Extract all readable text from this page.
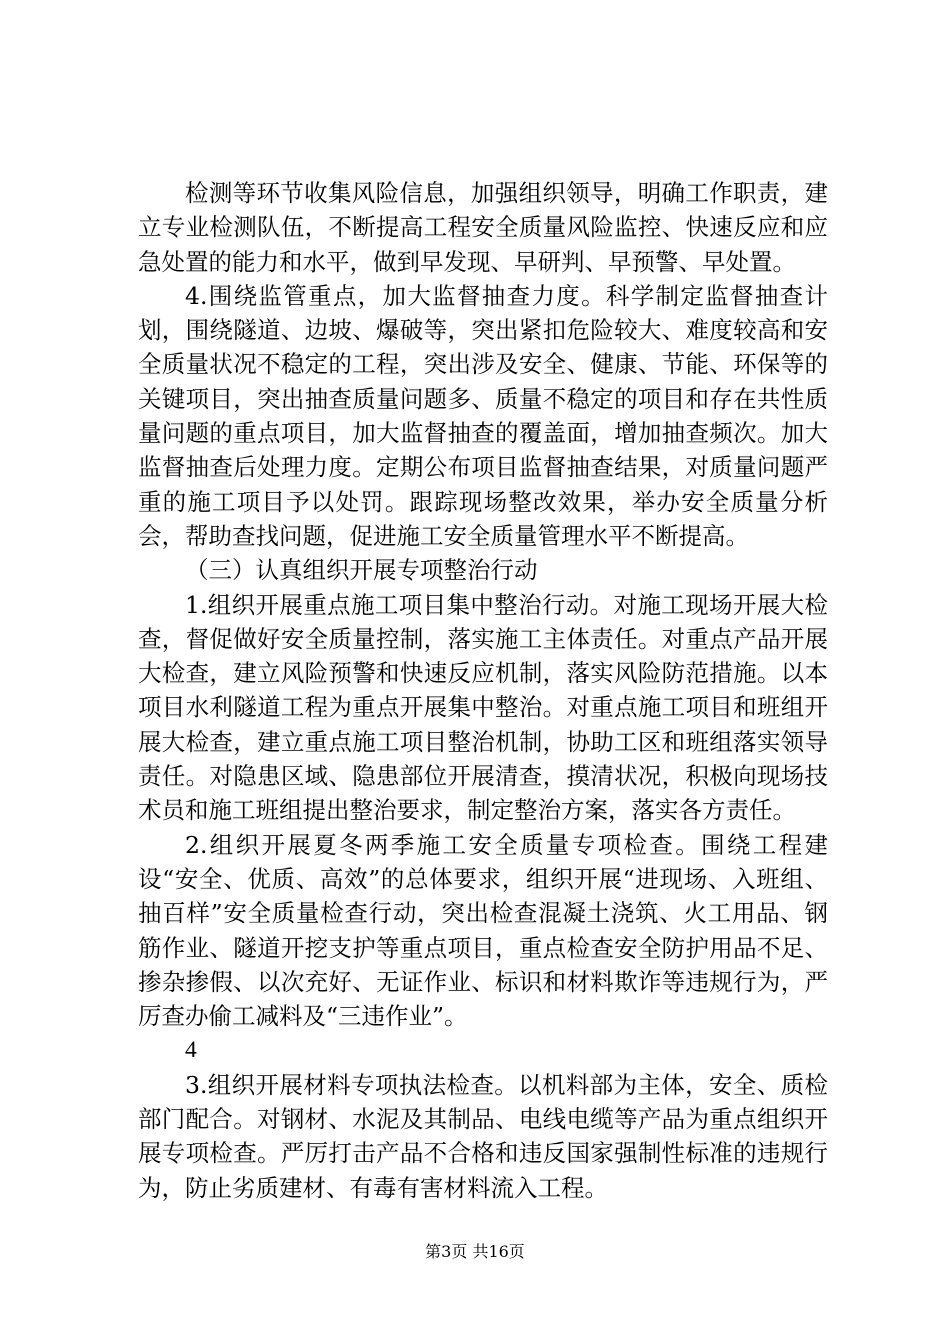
检测等环节收集风险信息，加强组织领导，明确工作职责，建立专业检测队伍，不断提高工程安全质量风险监控、快速反应和应急处置的能力和水平，做到早发现、早研判、早预警、早处置。

4.围绕监管重点，加大监督抽查力度。科学制定监督抽查计划，围绕隧道、边坡、爆破等，突出紧扣危险较大、难度较高和安全质量状况不稳定的工程，突出涉及安全、健康、节能、环保等的关键项目，突出抽查质量问题多、质量不稳定的项目和存在共性质量问题的重点项目，加大监督抽查的覆盖面，增加抽查频次。加大监督抽查后处理力度。定期公布项目监督抽查结果，对质量问题严重的施工项目予以处罚。跟踪现场整改效果，举办安全质量分析会，帮助查找问题，促进施工安全质量管理水平不断提高。

（三）认真组织开展专项整治行动

1.组织开展重点施工项目集中整治行动。对施工现场开展大检查，督促做好安全质量控制，落实施工主体责任。对重点产品开展大检查，建立风险预警和快速反应机制，落实风险防范措施。以本项目水利隧道工程为重点开展集中整治。对重点施工项目和班组开展大检查，建立重点施工项目整治机制，协助工区和班组落实领导责任。对隐患区域、隐患部位开展清查，摸清状况，积极向现场技术员和施工班组提出整治要求，制定整治方案，落实各方责任。

2.组织开展夏冬两季施工安全质量专项检查。围绕工程建设“安全、优质、高效”的总体要求，组织开展“进现场、入班组、抽百样”安全质量检查行动，突出检查混凝土浇筑、火工用品、钢筋作业、隧道开挖支护等重点项目，重点检查安全防护用品不足、掺杂掺假、以次充好、无证作业、标识和材料欺诈等违规行为，严厉查办偷工减料及“三违作业”。

4

3.组织开展材料专项执法检查。以机料部为主体，安全、质检部门配合。对钢材、水泥及其制品、电线电缆等产品为重点组织开展专项检查。严厉打击产品不合格和违反国家强制性标准的违规行为，防止劣质建材、有毒有害材料流入工程。

第3页 共16页
